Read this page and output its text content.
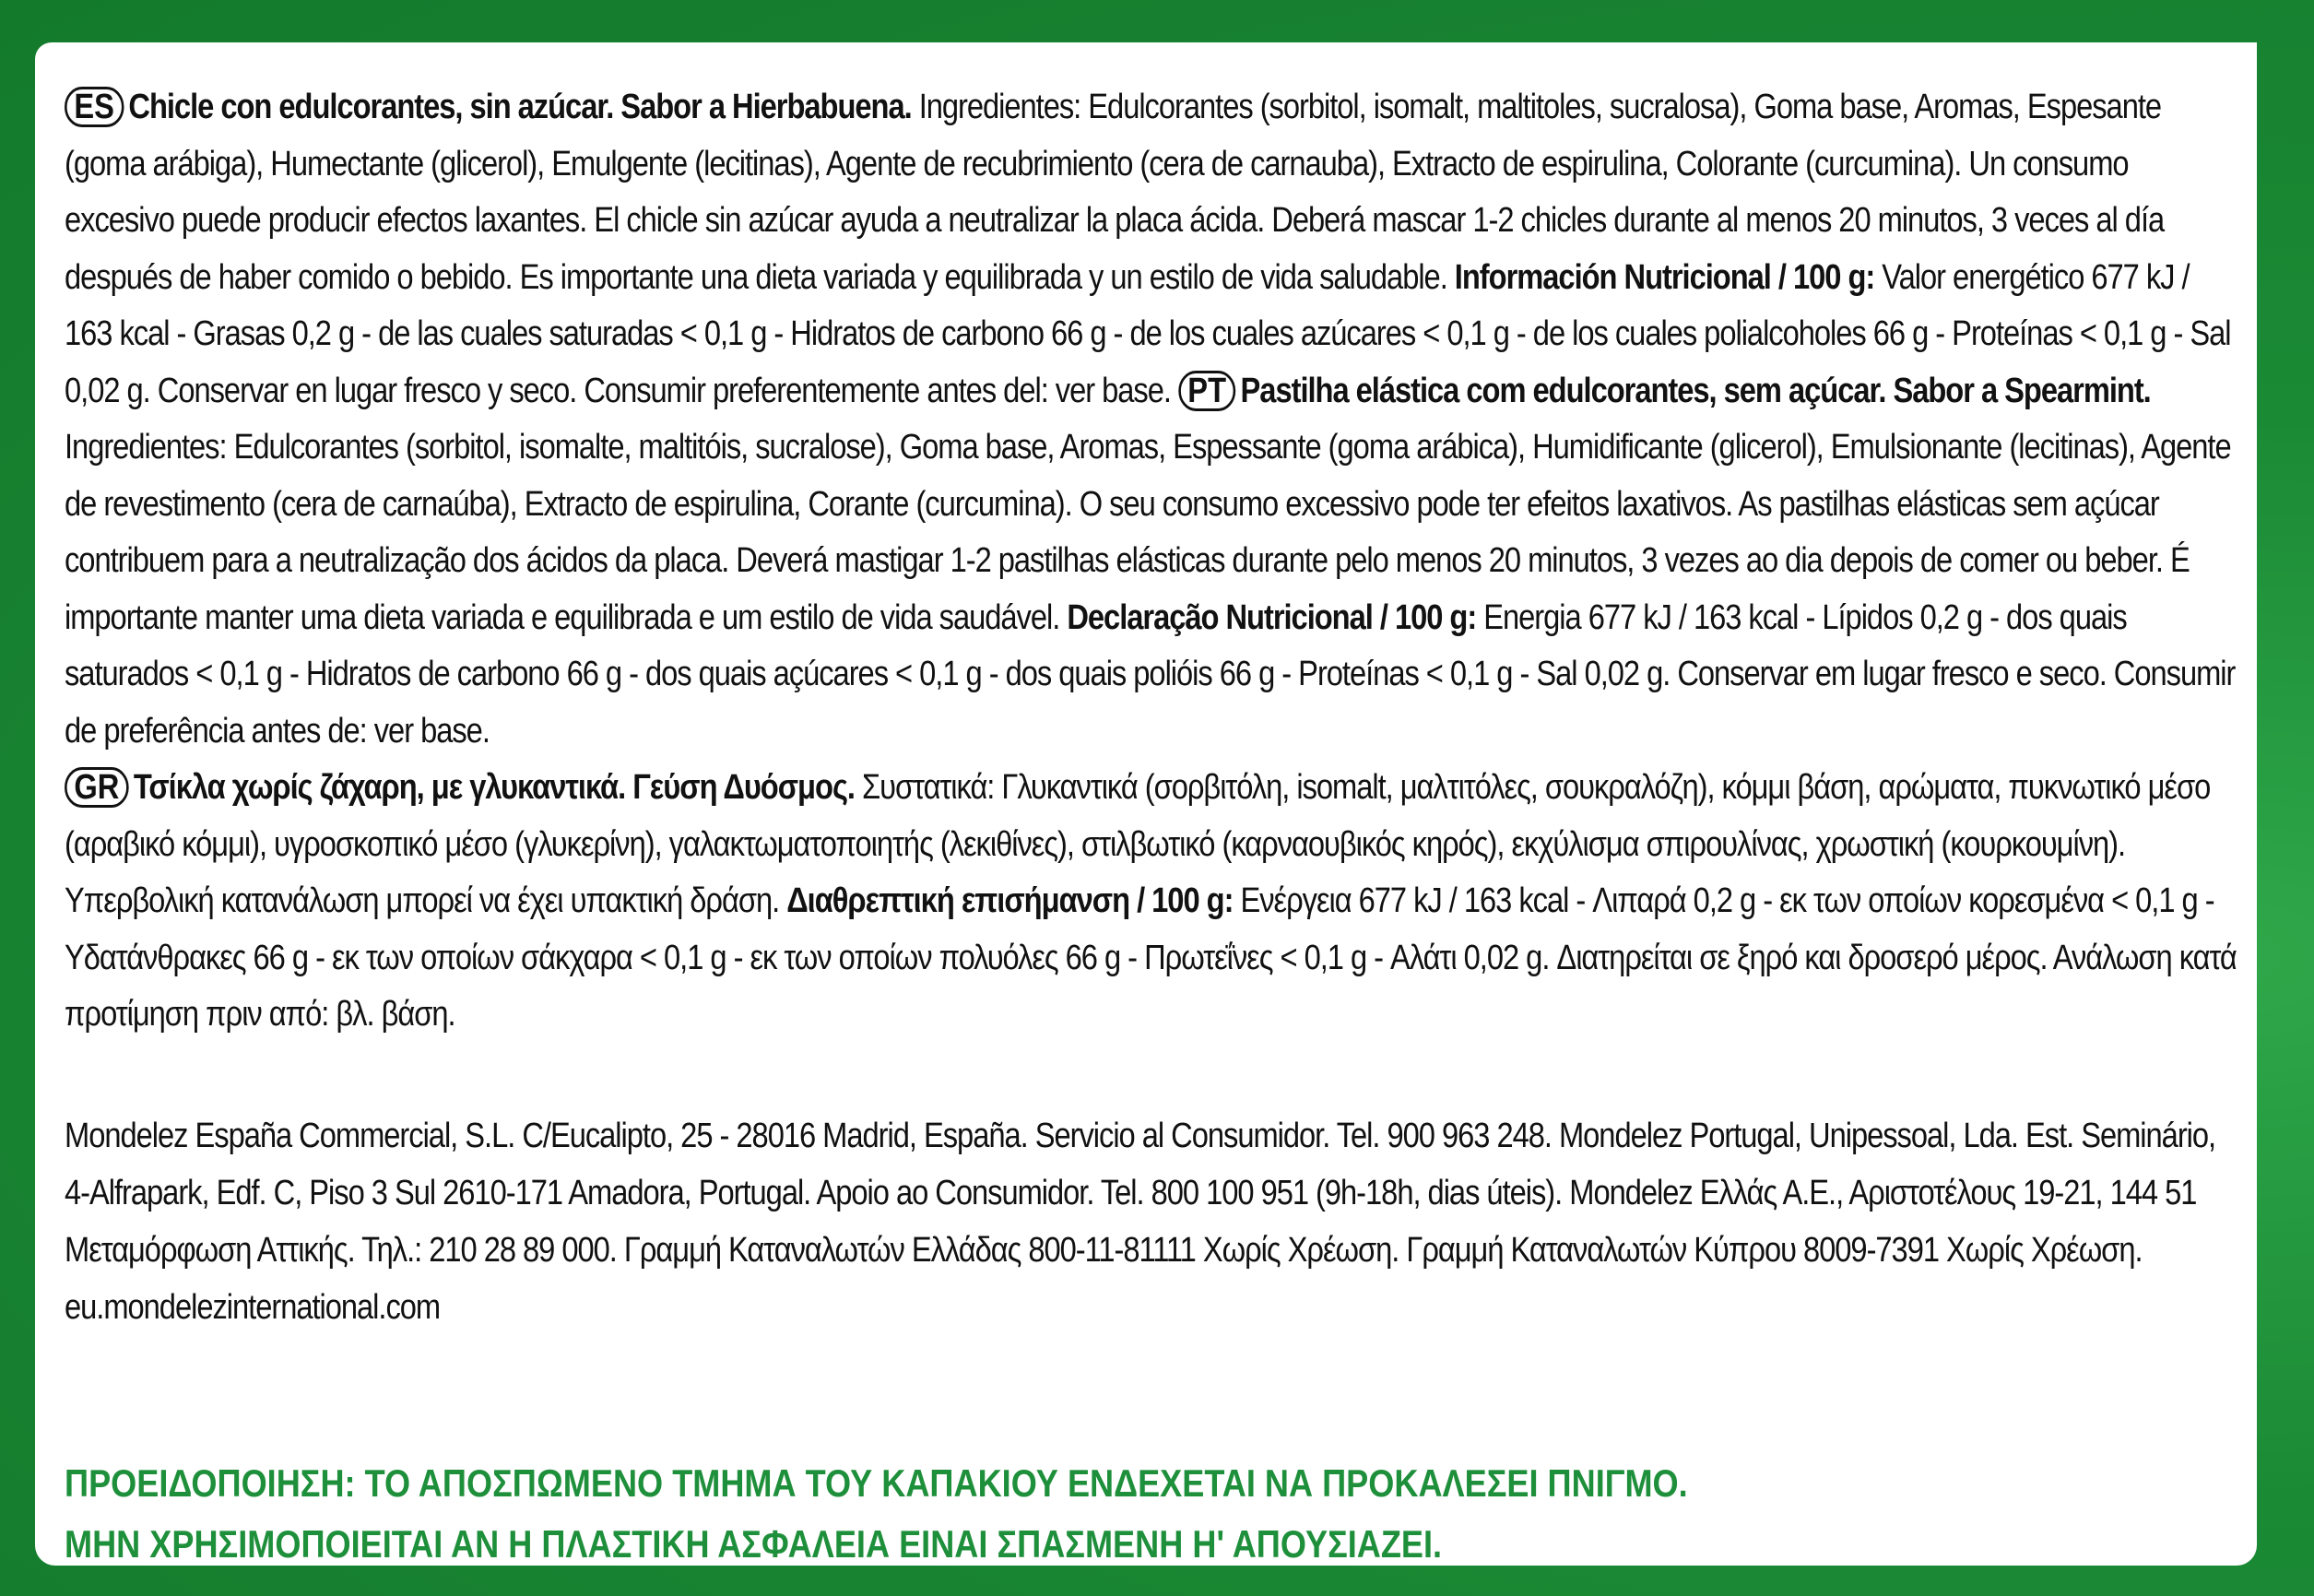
ES Chicle con edulcorantes, sin azúcar. Sabor a Hierbabuena. Ingredientes: Edulcorantes (sorbitol, isomalt, maltitoles, sucralosa), Goma base, Aromas, Espesante (goma arábiga), Humectante (glicerol), Emulgente (lecitinas), Agente de recubrimiento (cera de carnauba), Extracto de espirulina, Colorante (curcumina). Un consumo excesivo puede producir efectos laxantes. El chicle sin azúcar ayuda a neutralizar la placa ácida. Deberá mascar 1-2 chicles durante al menos 20 minutos, 3 veces al día después de haber comido o bebido. Es importante una dieta variada y equilibrada y un estilo de vida saludable. Información Nutricional / 100 g: Valor energético 677 kJ / 163 kcal - Grasas 0,2 g - de las cuales saturadas < 0,1 g - Hidratos de carbono 66 g - de los cuales azúcares < 0,1 g - de los cuales polialcoholes 66 g - Proteínas < 0,1 g - Sal 0,02 g. Conservar en lugar fresco y seco. Consumir preferentemente antes del: ver base. PT Pastilha elástica com edulcorantes, sem açúcar. Sabor a Spearmint. Ingredientes: Edulcorantes (sorbitol, isomalte, maltitóis, sucralose), Goma base, Aromas, Espessante (goma arábica), Humidificante (glicerol), Emulsionante (lecitinas), Agente de revestimento (cera de carnaúba), Extracto de espirulina, Corante (curcumina). O seu consumo excessivo pode ter efeitos laxativos. As pastilhas elásticas sem açúcar contribuem para a neutralização dos ácidos da placa. Deverá mastigar 1-2 pastilhas elásticas durante pelo menos 20 minutos, 3 vezes ao dia depois de comer ou beber. É importante manter uma dieta variada e equilibrada e um estilo de vida saudável. Declaração Nutricional / 100 g: Energia 677 kJ / 163 kcal - Lípidos 0,2 g - dos quais saturados < 0,1 g - Hidratos de carbono 66 g - dos quais açúcares < 0,1 g - dos quais polióis 66 g - Proteínas < 0,1 g - Sal 0,02 g. Conservar em lugar fresco e seco. Consumir de preferência antes de: ver base.
GR Τσίκλα χωρίς ζάχαρη, με γλυκαντικά. Γεύση Δυόσμος. Συστατικά: Γλυκαντικά (σορβιτόλη, isomalt, μαλτιτόλες, σουκραλόζη), κόμμι βάση, αρώματα, πυκνωτικό μέσο (αραβικό κόμμι), υγροσκοπικό μέσο (γλυκερίνη), γαλακτωματοποιητής (λεκιθίνες), στιλβωτικό (καρναουβικός κηρός), εκχύλισμα σπιρουλίνας, χρωστική (κουρκουμίνη). Υπερβολική κατανάλωση μπορεί να έχει υπακτική δράση. Διαθρεπτική επισήμανση / 100 g: Ενέργεια 677 kJ / 163 kcal - Λιπαρά 0,2 g - εκ των οποίων κορεσμένα < 0,1 g - Υδατάνθρακες 66 g - εκ των οποίων σάκχαρα < 0,1 g - εκ των οποίων πολυόλες 66 g - Πρωτεΐνες < 0,1 g - Αλάτι 0,02 g. Διατηρείται σε ξηρό και δροσερό μέρος. Ανάλωση κατά προτίμηση πριν από: βλ. βάση.
Mondelez España Commercial, S.L. C/Eucalipto, 25 - 28016 Madrid, España. Servicio al Consumidor. Tel. 900 963 248. Mondelez Portugal, Unipessoal, Lda. Est. Seminário, 4-Alfrapark, Edf. C, Piso 3 Sul 2610-171 Amadora, Portugal. Apoio ao Consumidor. Tel. 800 100 951 (9h-18h, dias úteis). Mondelez Ελλάς Α.Ε., Αριστοτέλους 19-21, 144 51 Μεταμόρφωση Αττικής. Τηλ.: 210 28 89 000. Γραμμή Καταναλωτών Ελλάδας 800-11-81111 Χωρίς Χρέωση. Γραμμή Καταναλωτών Κύπρου 8009-7391 Χωρίς Χρέωση. eu.mondelezinternational.com
ΠΡΟΕΙΔΟΠΟΙΗΣΗ: ΤΟ ΑΠΟΣΠΩΜΕΝΟ ΤΜΗΜΑ ΤΟΥ ΚΑΠΑΚΙΟΥ ΕΝΔΕΧΕΤΑΙ ΝΑ ΠΡΟΚΑΛΕΣΕΙ ΠΝΙΓΜΟ.
ΜΗΝ ΧΡΗΣΙΜΟΠΟΙΕΙΤΑΙ ΑΝ Η ΠΛΑΣΤΙΚΗ ΑΣΦΑΛΕΙΑ ΕΙΝΑΙ ΣΠΑΣΜΕΝΗ Η' ΑΠΟΥΣΙΑΖΕΙ.
